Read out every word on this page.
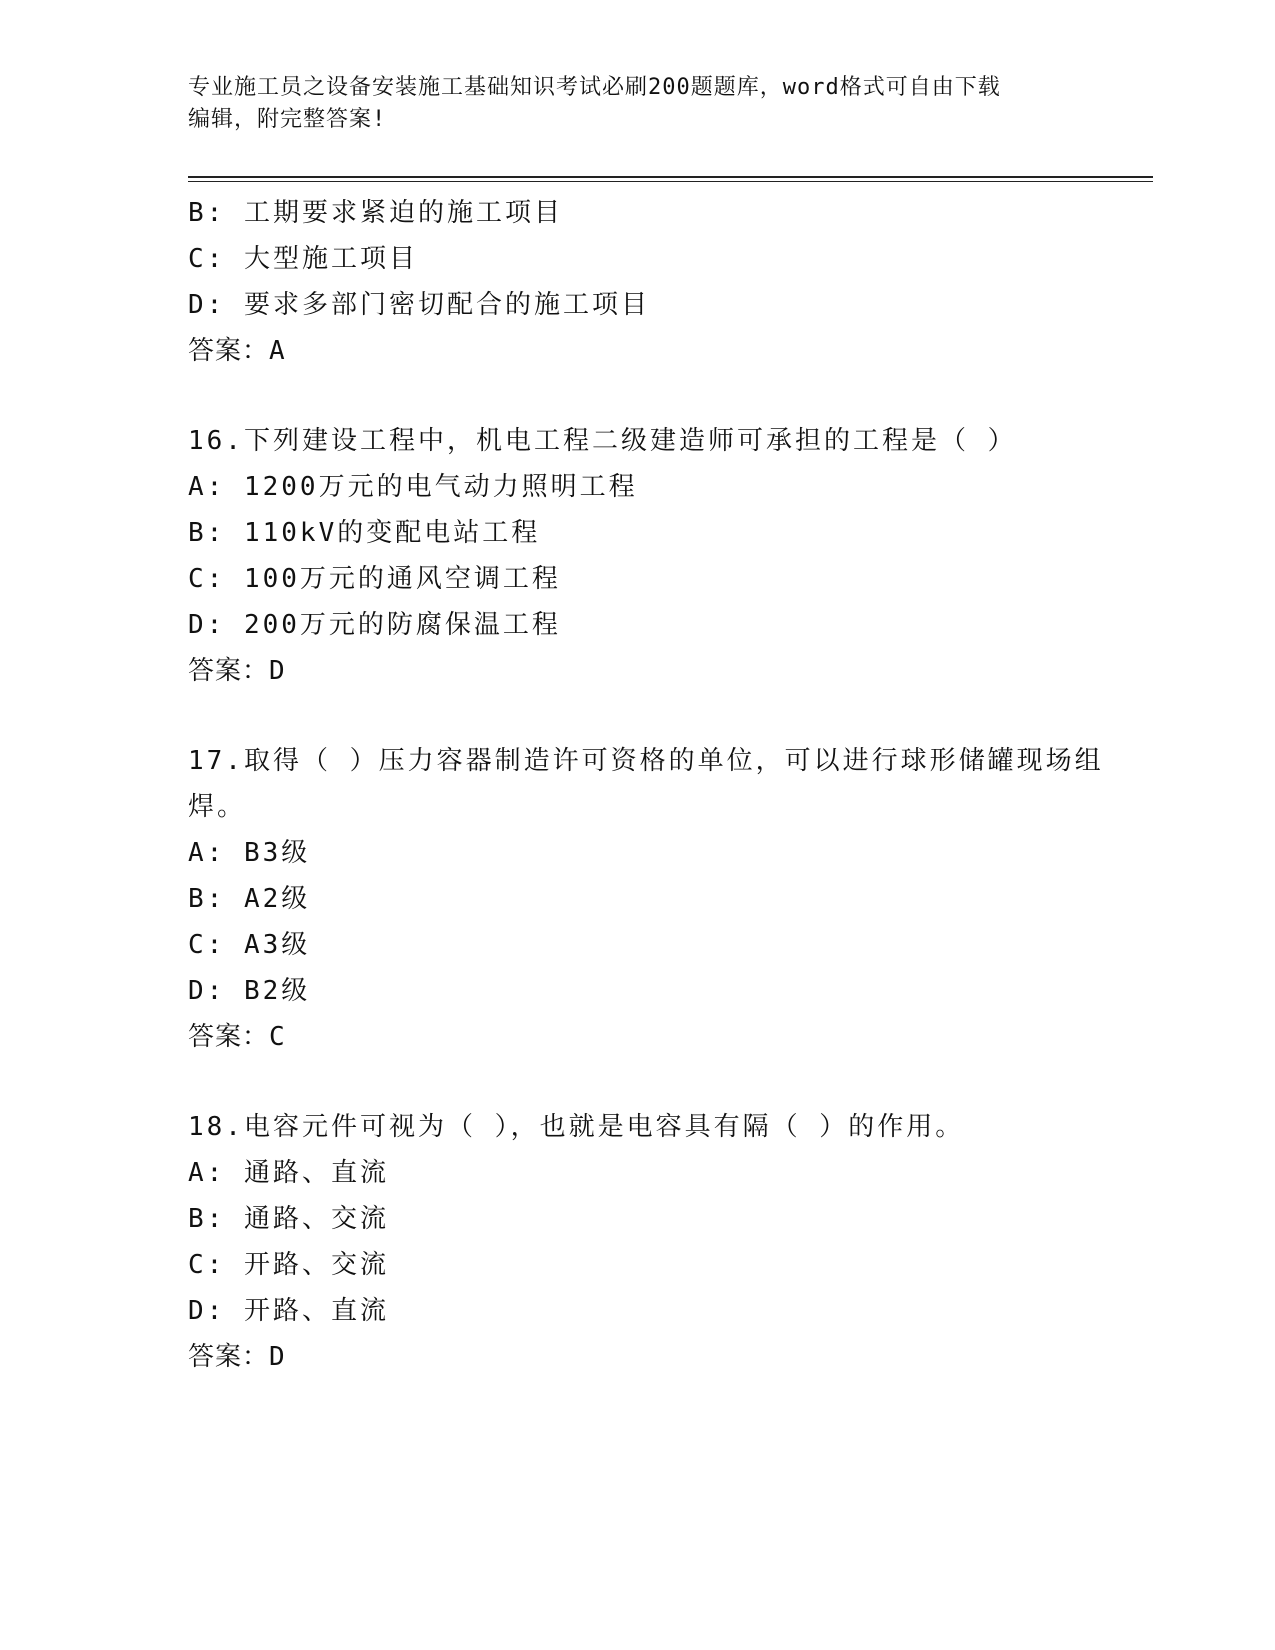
专业施工员之设备安装施工基础知识考试必刷200题题库，word格式可自由下载
编辑，附完整答案!
B: 工期要求紧迫的施工项目
C: 大型施工项目
D: 要求多部门密切配合的施工项目
答案：A
16.下列建设工程中，机电工程二级建造师可承担的工程是（ ）
A: 1200万元的电气动力照明工程
B: 110kV的变配电站工程
C: 100万元的通风空调工程
D: 200万元的防腐保温工程
答案：D
17.取得（ ）压力容器制造许可资格的单位，可以进行球形储罐现场组焊。
A: B3级
B: A2级
C: A3级
D: B2级
答案：C
18.电容元件可视为（ ），也就是电容具有隔（ ）的作用。
A: 通路、直流
B: 通路、交流
C: 开路、交流
D: 开路、直流
答案：D
